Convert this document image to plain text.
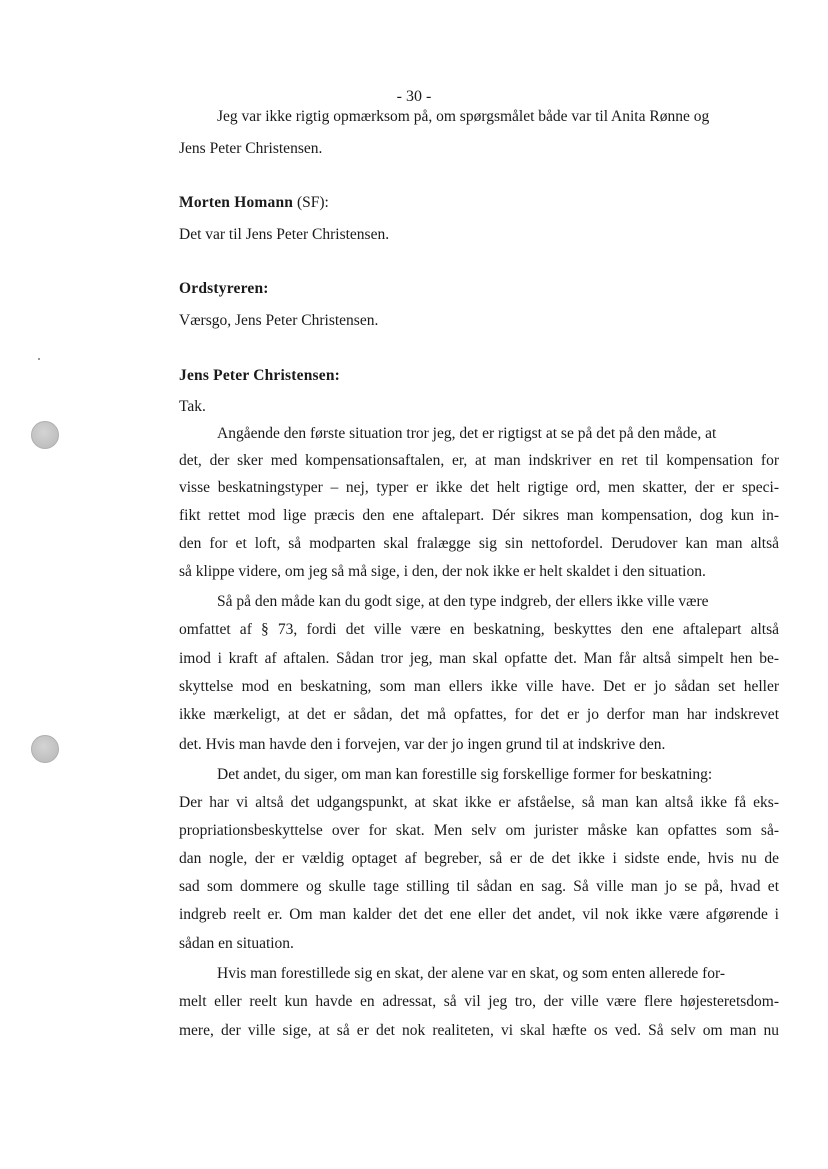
- 30 -
Jeg var ikke rigtig opmærksom på, om spørgsmålet både var til Anita Rønne og
Jens Peter Christensen.
Morten Homann (SF):
Det var til Jens Peter Christensen.
Ordstyreren:
Værsgo, Jens Peter Christensen.
Jens Peter Christensen:
Tak.
Angående den første situation tror jeg, det er rigtigst at se på det på den måde, at
det, der sker med kompensationsaftalen, er, at man indskriver en ret til kompensation for
visse beskatningstyper – nej, typer er ikke det helt rigtige ord, men skatter, der er speci-
fikt rettet mod lige præcis den ene aftalepart. Dér sikres man kompensation, dog kun in-
den for et loft, så modparten skal fralægge sig sin nettofordel. Derudover kan man altså
så klippe videre, om jeg så må sige, i den, der nok ikke er helt skaldet i den situation.
Så på den måde kan du godt sige, at den type indgreb, der ellers ikke ville være
omfattet af § 73, fordi det ville være en beskatning, beskyttes den ene aftalepart altså
imod i kraft af aftalen. Sådan tror jeg, man skal opfatte det. Man får altså simpelt hen be-
skyttelse mod en beskatning, som man ellers ikke ville have. Det er jo sådan set heller
ikke mærkeligt, at det er sådan, det må opfattes, for det er jo derfor man har indskrevet
det. Hvis man havde den i forvejen, var der jo ingen grund til at indskrive den.
Det andet, du siger, om man kan forestille sig forskellige former for beskatning:
Der har vi altså det udgangspunkt, at skat ikke er afståelse, så man kan altså ikke få eks-
propriationsbeskyttelse over for skat. Men selv om jurister måske kan opfattes som så-
dan nogle, der er vældig optaget af begreber, så er de det ikke i sidste ende, hvis nu de
sad som dommere og skulle tage stilling til sådan en sag. Så ville man jo se på, hvad et
indgreb reelt er. Om man kalder det det ene eller det andet, vil nok ikke være afgørende i
sådan en situation.
Hvis man forestillede sig en skat, der alene var en skat, og som enten allerede for-
melt eller reelt kun havde en adressat, så vil jeg tro, der ville være flere højesteretsdom-
mere, der ville sige, at så er det nok realiteten, vi skal hæfte os ved. Så selv om man nu
